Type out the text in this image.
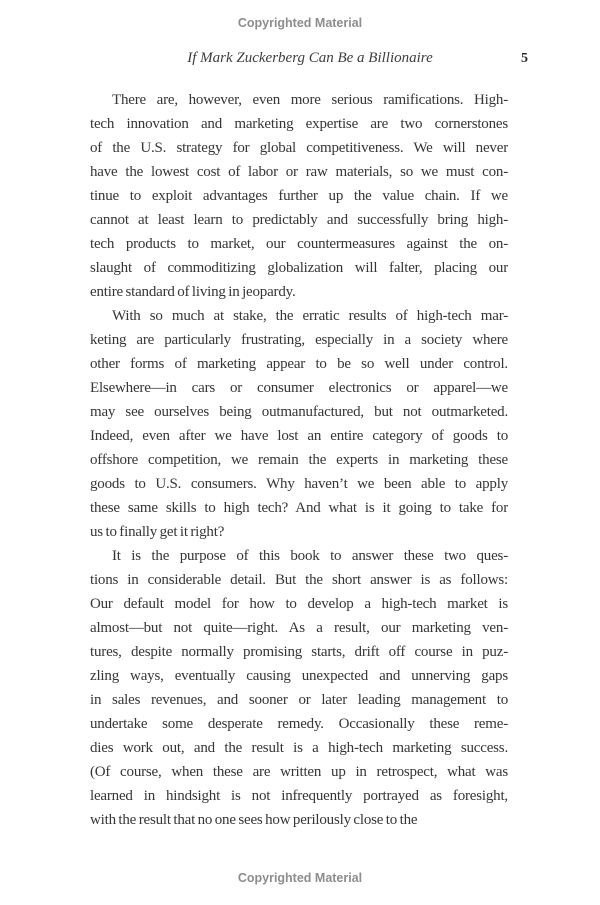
Copyrighted Material
If Mark Zuckerberg Can Be a Billionaire	5
There are, however, even more serious ramifications. High-
tech innovation and marketing expertise are two cornerstones
of the U.S. strategy for global competitiveness. We will never
have the lowest cost of labor or raw materials, so we must con-
tinue to exploit advantages further up the value chain. If we
cannot at least learn to predictably and successfully bring high-
tech products to market, our countermeasures against the on-
slaught of commoditizing globalization will falter, placing our
entire standard of living in jeopardy.
With so much at stake, the erratic results of high-tech mar-
keting are particularly frustrating, especially in a society where
other forms of marketing appear to be so well under control.
Elsewhere—in cars or consumer electronics or apparel—we
may see ourselves being outmanufactured, but not outmarketed.
Indeed, even after we have lost an entire category of goods to
offshore competition, we remain the experts in marketing these
goods to U.S. consumers. Why haven’t we been able to apply
these same skills to high tech? And what is it going to take for
us to finally get it right?
It is the purpose of this book to answer these two ques-
tions in considerable detail. But the short answer is as follows:
Our default model for how to develop a high-tech market is
almost—but not quite—right. As a result, our marketing ven-
tures, despite normally promising starts, drift off course in puz-
zling ways, eventually causing unexpected and unnerving gaps
in sales revenues, and sooner or later leading management to
undertake some desperate remedy. Occasionally these reme-
dies work out, and the result is a high-tech marketing success.
(Of course, when these are written up in retrospect, what was
learned in hindsight is not infrequently portrayed as foresight,
with the result that no one sees how perilously close to the
Copyrighted Material
